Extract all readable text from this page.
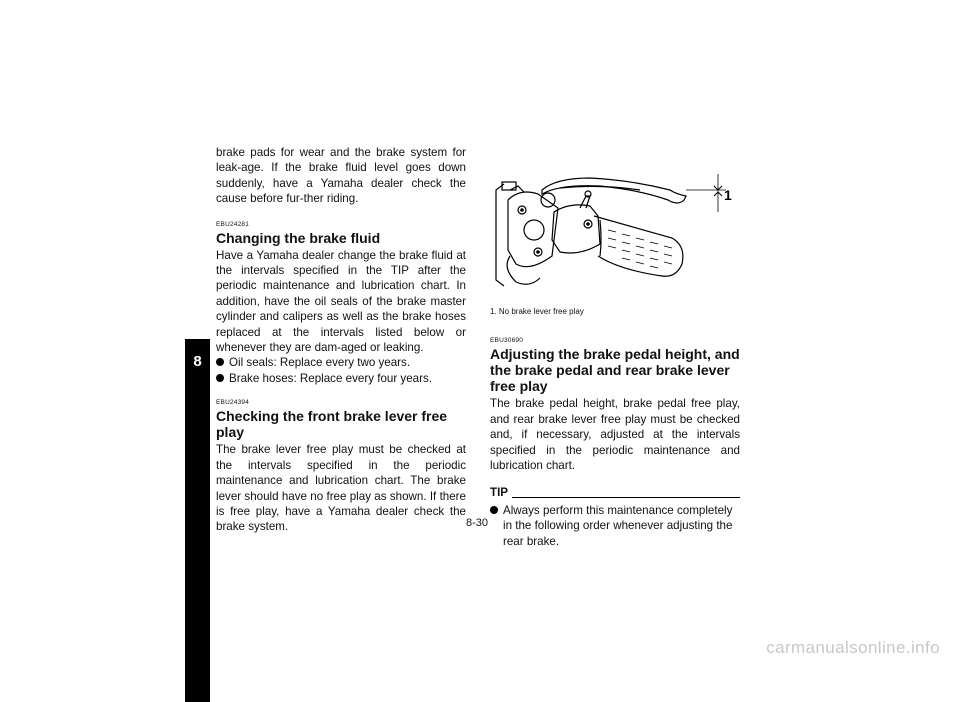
8

brake pads for wear and the brake system for leak-age. If the brake fluid level goes down suddenly, have a Yamaha dealer check the cause before fur-ther riding.

EBU24281

Changing the brake fluid

Have a Yamaha dealer change the brake fluid at the intervals specified in the TIP after the periodic maintenance and lubrication chart. In addition, have the oil seals of the brake master cylinder and calipers as well as the brake hoses replaced at the intervals listed below or whenever they are dam-aged or leaking.

Oil seals: Replace every two years.

Brake hoses: Replace every four years.

EBU24394

Checking the front brake lever free play

The brake lever free play must be checked at the intervals specified in the periodic maintenance and lubrication chart. The brake lever should have no free play as shown. If there is free play, have a Yamaha dealer check the brake system.

1

1. No brake lever free play

EBU30690

Adjusting the brake pedal height, and the brake pedal and rear brake lever free play

The brake pedal height, brake pedal free play, and rear brake lever free play must be checked and, if necessary, adjusted at the intervals specified in the periodic maintenance and lubrication chart.

TIP

Always perform this maintenance completely in the following order whenever adjusting the rear brake.

8-30
carmanualsonline.info
